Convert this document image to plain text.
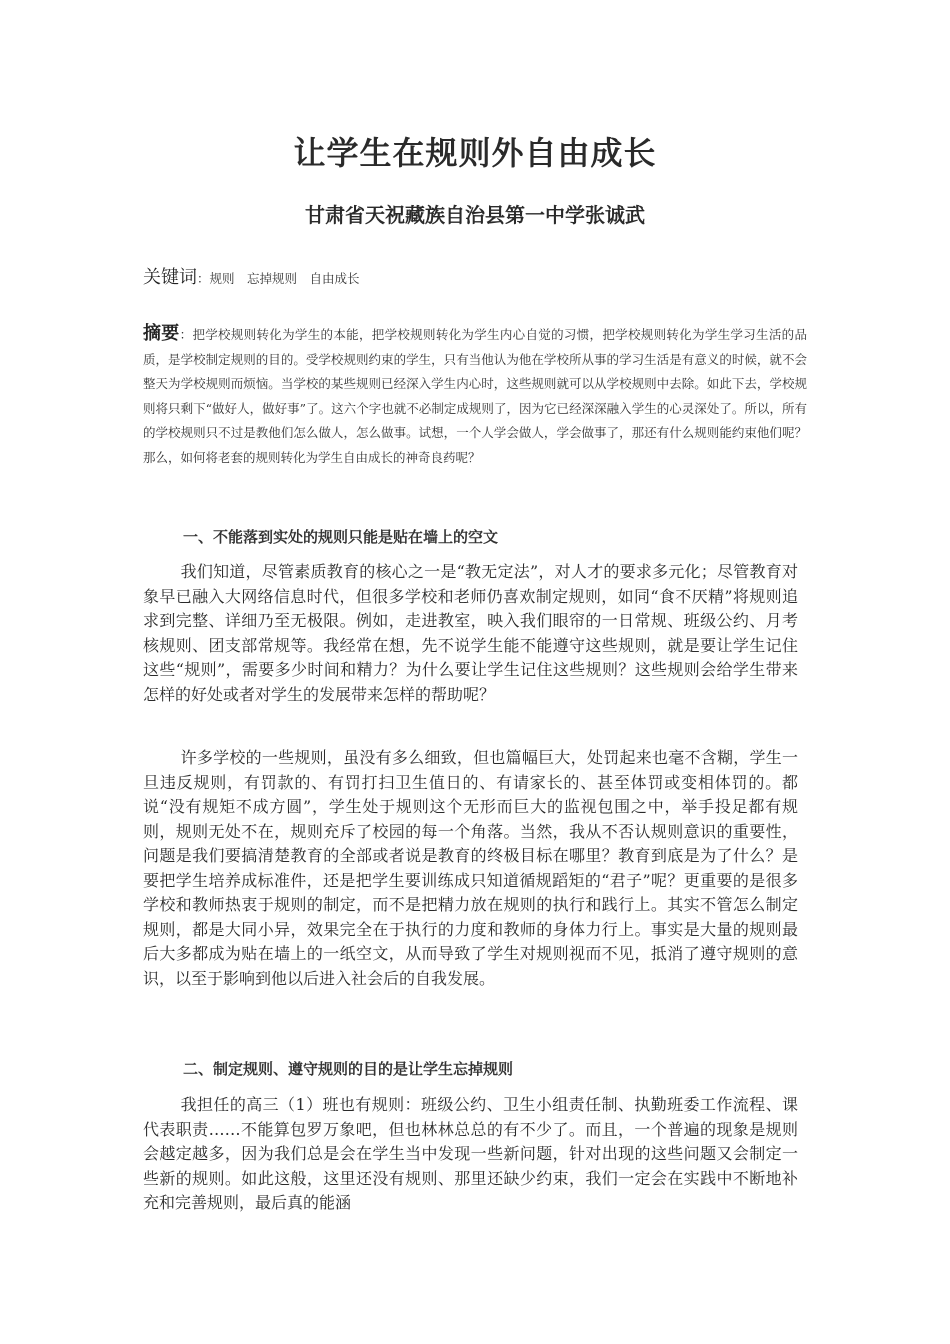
让学生在规则外自由成长
甘肃省天祝藏族自治县第一中学张诚武
关键词：规则　忘掉规则　自由成长
摘要：把学校规则转化为学生的本能，把学校规则转化为学生内心自觉的习惯，把学校规则转化为学生学习生活的品质，是学校制定规则的目的。受学校规则约束的学生，只有当他认为他在学校所从事的学习生活是有意义的时候，就不会整天为学校规则而烦恼。当学校的某些规则已经深入学生内心时，这些规则就可以从学校规则中去除。如此下去，学校规则将只剩下“做好人，做好事”了。这六个字也就不必制定成规则了，因为它已经深深融入学生的心灵深处了。所以，所有的学校规则只不过是教他们怎么做人，怎么做事。试想，一个人学会做人，学会做事了，那还有什么规则能约束他们呢？那么，如何将老套的规则转化为学生自由成长的神奇良药呢？
一、不能落到实处的规则只能是贴在墙上的空文
我们知道，尽管素质教育的核心之一是“教无定法”，对人才的要求多元化；尽管教育对象早已融入大网络信息时代，但很多学校和老师仍喜欢制定规则，如同“食不厌精”将规则追求到完整、详细乃至无极限。例如，走进教室，映入我们眼帘的一日常规、班级公约、月考核规则、团支部常规等。我经常在想，先不说学生能不能遵守这些规则，就是要让学生记住这些“规则”，需要多少时间和精力？为什么要让学生记住这些规则？这些规则会给学生带来怎样的好处或者对学生的发展带来怎样的帮助呢？
许多学校的一些规则，虽没有多么细致，但也篇幅巨大，处罚起来也毫不含糊，学生一旦违反规则，有罚款的、有罚打扫卫生值日的、有请家长的、甚至体罚或变相体罚的。都说“没有规矩不成方圆”，学生处于规则这个无形而巨大的监视包围之中，举手投足都有规则，规则无处不在，规则充斥了校园的每一个角落。当然，我从不否认规则意识的重要性，问题是我们要搞清楚教育的全部或者说是教育的终极目标在哪里？教育到底是为了什么？是要把学生培养成标准件，还是把学生要训练成只知道循规蹈矩的“君子”呢？更重要的是很多学校和教师热衷于规则的制定，而不是把精力放在规则的执行和践行上。其实不管怎么制定规则，都是大同小异，效果完全在于执行的力度和教师的身体力行上。事实是大量的规则最后大多都成为贴在墙上的一纸空文，从而导致了学生对规则视而不见，抵消了遵守规则的意识，以至于影响到他以后进入社会后的自我发展。
二、制定规则、遵守规则的目的是让学生忘掉规则
我担任的高三（1）班也有规则：班级公约、卫生小组责任制、执勤班委工作流程、课代表职责……不能算包罗万象吧，但也林林总总的有不少了。而且，一个普遍的现象是规则会越定越多，因为我们总是会在学生当中发现一些新问题，针对出现的这些问题又会制定一些新的规则。如此这般，这里还没有规则、那里还缺少约束，我们一定会在实践中不断地补充和完善规则，最后真的能涵
